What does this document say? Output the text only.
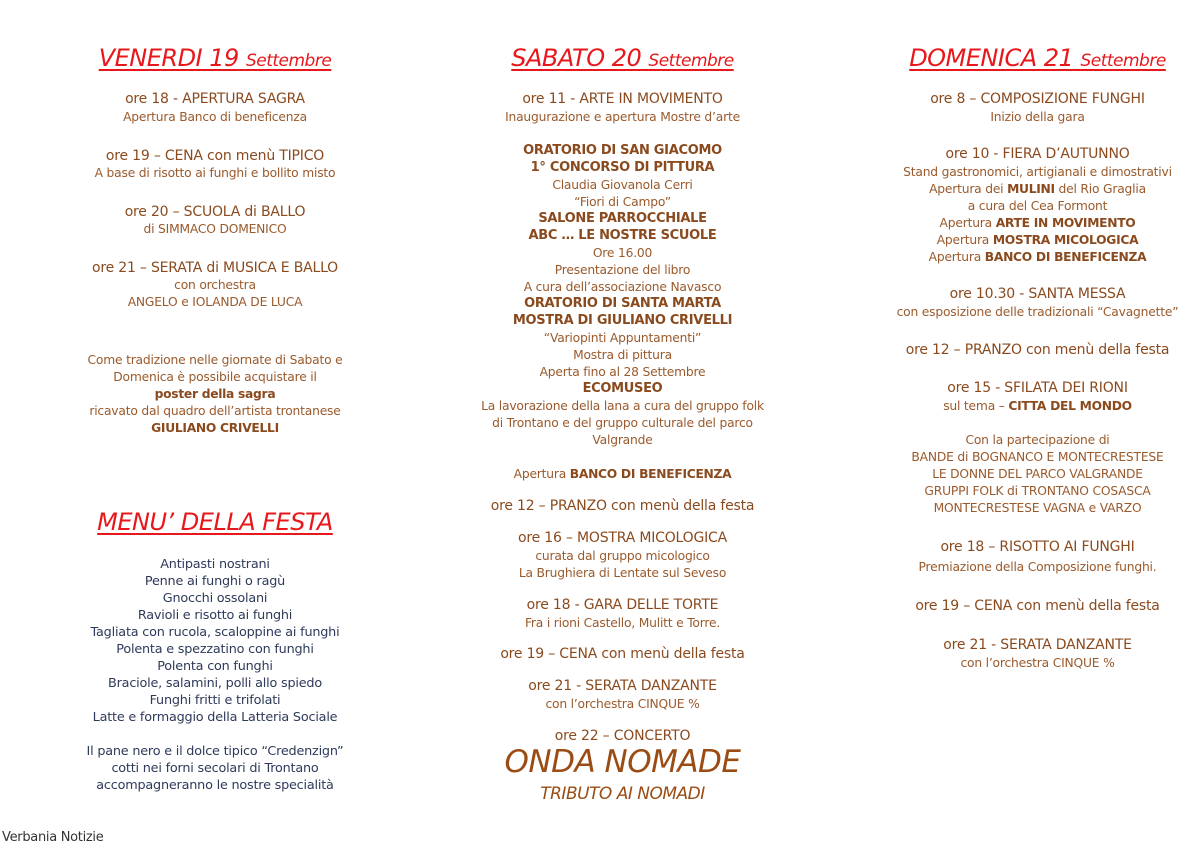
VENERDI 19 Settembre
ore 18 - APERTURA SAGRA
Apertura Banco di beneficenza
ore 19 – CENA con menù TIPICO
A base di risotto ai funghi e bollito misto
ore 20 – SCUOLA di BALLO
di SIMMACO DOMENICO
ore 21 – SERATA di MUSICA E BALLO
con orchestra
ANGELO e IOLANDA DE LUCA
Come tradizione nelle giornate di Sabato e
Domenica è possibile acquistare il
poster della sagra
ricavato dal quadro dell’artista trontanese
GIULIANO CRIVELLI
MENU’ DELLA FESTA
Antipasti nostrani
Penne ai funghi o ragù
Gnocchi ossolani
Ravioli e risotto ai funghi
Tagliata con rucola, scaloppine ai funghi
Polenta e spezzatino con funghi
Polenta con funghi
Braciole, salamini, polli allo spiedo
Funghi fritti e trifolati
Latte e formaggio della Latteria Sociale
Il pane nero e il dolce tipico “Credenzign”
cotti nei forni secolari di Trontano
accompagneranno le nostre specialità
SABATO 20 Settembre
ore 11 - ARTE IN MOVIMENTO
Inaugurazione e apertura Mostre d’arte
ORATORIO DI SAN GIACOMO
1° CONCORSO DI PITTURA
Claudia Giovanola Cerri
“Fiori di Campo”
SALONE PARROCCHIALE
ABC … LE NOSTRE SCUOLE
Ore 16.00
Presentazione del libro
A cura dell’associazione Navasco
ORATORIO DI SANTA MARTA
MOSTRA DI GIULIANO CRIVELLI
“Variopinti Appuntamenti”
Mostra di pittura
Aperta fino al 28 Settembre
ECOMUSEO
La lavorazione della lana a cura del gruppo folk
di Trontano e del gruppo culturale del parco
Valgrande
Apertura BANCO DI BENEFICENZA
ore 12 – PRANZO con menù della festa
ore 16 – MOSTRA MICOLOGICA
curata dal gruppo micologico
La Brughiera di Lentate sul Seveso
ore 18 - GARA DELLE TORTE
Fra i rioni Castello, Mulitt e Torre.
ore 19 – CENA con menù della festa
ore 21 - SERATA DANZANTE
con l’orchestra CINQUE %
ore 22 – CONCERTO
ONDA NOMADE
TRIBUTO AI NOMADI
DOMENICA 21 Settembre
ore 8 – COMPOSIZIONE FUNGHI
Inizio della gara
ore 10 - FIERA D’AUTUNNO
Stand gastronomici, artigianali e dimostrativi
Apertura dei MULINI del Rio Graglia
a cura del Cea Formont
Apertura ARTE IN MOVIMENTO
Apertura MOSTRA MICOLOGICA
Apertura BANCO DI BENEFICENZA
ore 10.30 - SANTA MESSA
con esposizione delle tradizionali “Cavagnette”
ore 12 – PRANZO con menù della festa
ore 15 - SFILATA DEI RIONI
sul tema – CITTA DEL MONDO
Con la partecipazione di
BANDE di BOGNANCO E MONTECRESTESE
LE DONNE DEL PARCO VALGRANDE
GRUPPI FOLK di TRONTANO COSASCA
MONTECRESTESE VAGNA e VARZO
ore 18 – RISOTTO AI FUNGHI
Premiazione della Composizione funghi.
ore 19 – CENA con menù della festa
ore 21 - SERATA DANZANTE
con l’orchestra CINQUE %
Verbania Notizie
